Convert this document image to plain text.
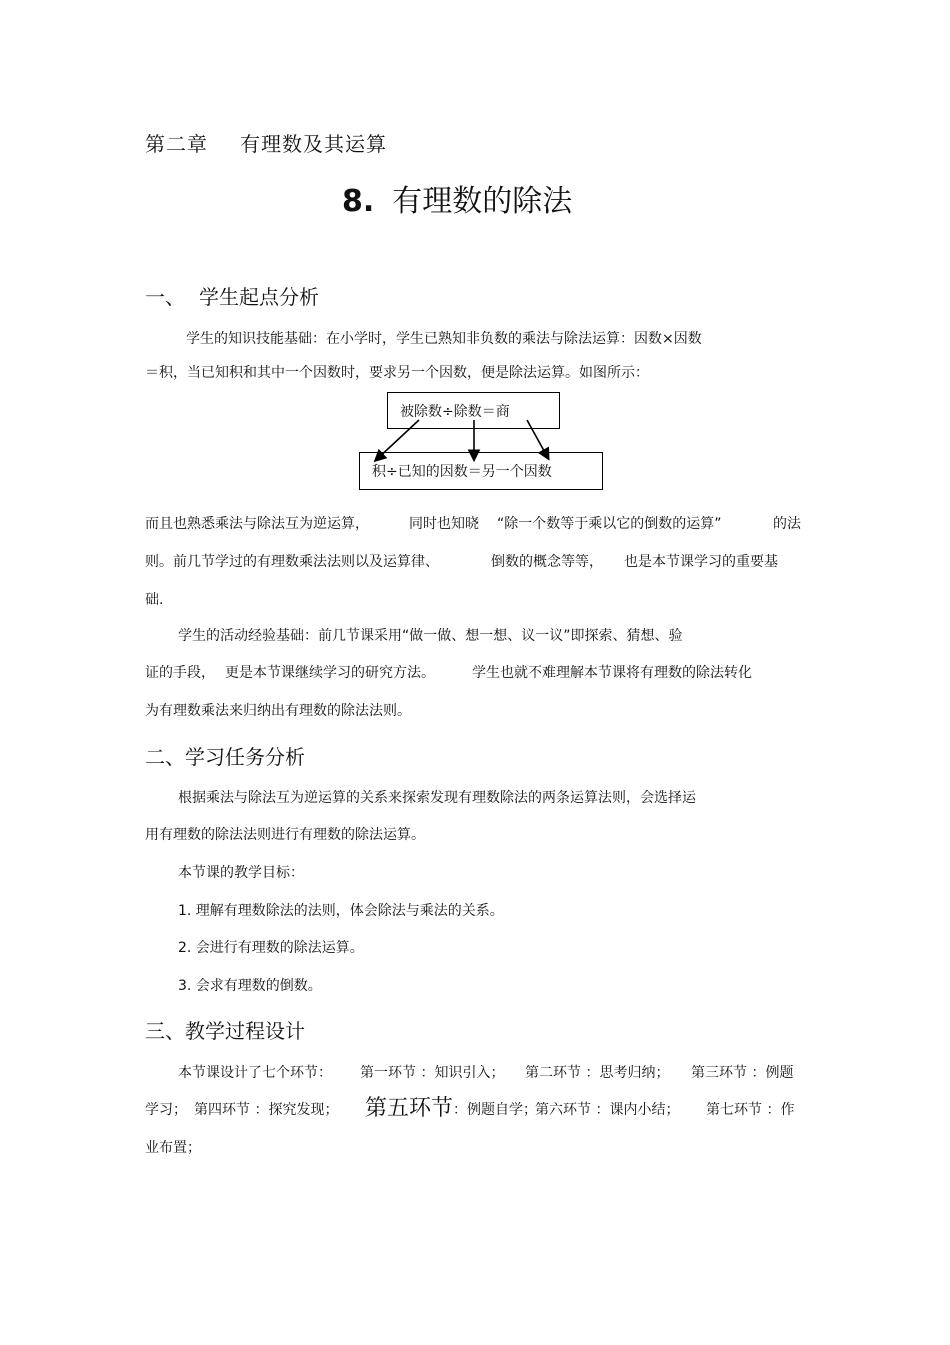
第二章 有理数及其运算
8. 有理数的除法
一、 学生起点分析
学生的知识技能基础：在小学时，学生已熟知非负数的乘法与除法运算：因数×因数
＝积，当已知积和其中一个因数时，要求另一个因数，便是除法运算。如图所示：
被除数÷除数＝商
积÷已知的因数＝另一个因数
而且也熟悉乘法与除法互为逆运算，	同时也知晓 “除一个数等于乘以它的倒数的运算”	的法
则。前几节学过的有理数乘法法则以及运算律、	倒数的概念等等， 也是本节课学习的重要基
础.
学生的活动经验基础：前几节课采用“做一做、想一想、议一议”即探索、猜想、验
证的手段， 更是本节课继续学习的研究方法。	学生也就不难理解本节课将有理数的除法转化
为有理数乘法来归纳出有理数的除法法则。
二、学习任务分析
根据乘法与除法互为逆运算的关系来探索发现有理数除法的两条运算法则，会选择运
用有理数的除法法则进行有理数的除法运算。
本节课的教学目标：
1. 理解有理数除法的法则，体会除法与乘法的关系。
2. 会进行有理数的除法运算。
3. 会求有理数的倒数。
三、教学过程设计
本节课设计了七个环节： 第一环节 ：知识引入； 第二环节 ：思考归纳； 第三环节 ：例题
学习； 第四环节 ：探究发现； 第五环节 ：例题自学；
第六环节 ：课内小结； 第七环节 ：作
业布置；
